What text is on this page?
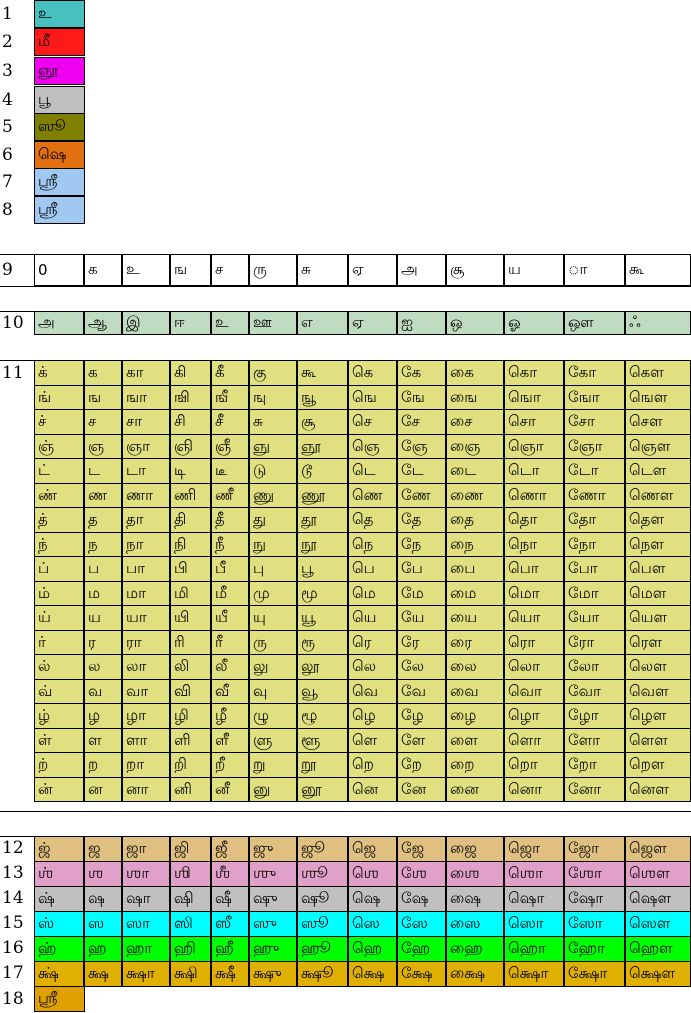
1	உ
2	மீ
3	ஞூ
4	பூ
5	ஸூ
6	ஷெ
7	ஶ்ரீ
8	ஸ்ரீ
9	0	க	உ	ங	ச	ரு	சு	ஏ	அ	சூ	ய	ா	கூ
10 அ	ஆ	இ	ஈ	உ	ஊ	எ	ஏ	ஐ	ஒ	ஓ	ஔ	ஃ
11 க்	க	கா	கி	கீ	கு	கூ	கெ	கே	கை	கொ	கோ	கௌ
ங்	ங	ஙா	ஙி	ஙீ	ஙு	ஙூ	ஙெ	ஙே	ஙை	ஙொ	ஙோ	ஙௌ
ச்	ச	சா	சி	சீ	சு	சூ	செ	சே	சை	சொ	சோ	சௌ
ஞ்	ஞ	ஞா	ஞி	ஞீ	ஞு	ஞூ	ஞெ	ஞே	ஞை	ஞொ	ஞோ	ஞௌ
ட்	ட	டா	டி	டீ	டு	டூ	டெ	டே	டை	டொ	டோ	டௌ
ண்	ண	ணா	ணி	ணீ	ணு	ணூ	ணெ	ணே	ணை	ணொ	ணோ	ணௌ
த்	த	தா	தி	தீ	து	தூ	தெ	தே	தை	தொ	தோ	தௌ
ந்	ந	நா	நி	நீ	நு	நூ	நெ	நே	நை	நொ	நோ	நௌ
ப்	ப	பா	பி	பீ	பு	பூ	பெ	பே	பை	பொ	போ	பௌ
ம்	ம	மா	மி	மீ	மு	மூ	மெ	மே	மை	மொ	மோ	மௌ
ய்	ய	யா	யி	யீ	யு	யூ	யெ	யே	யை	யொ	யோ	யௌ
ர்	ர	ரா	ரி	ரீ	ரு	ரூ	ரெ	ரே	ரை	ரொ	ரோ	ரௌ
ல்	ல	லா	லி	லீ	லு	லூ	லெ	லே	லை	லொ	லோ	லௌ
வ்	வ	வா	வி	வீ	வு	வூ	வெ	வே	வை	வொ	வோ	வௌ
ழ்	ழ	ழா	ழி	ழீ	ழு	ழூ	ழெ	ழே	ழை	ழொ	ழோ	ழௌ
ள்	ள	ளா	ளி	ளீ	ளு	ளூ	ளெ	ளே	ளை	ளொ	ளோ	ளௌ
ற்	ற	றா	றி	றீ	று	றூ	றெ	றே	றை	றொ	றோ	றௌ
ன்	ன	னா	னி	னீ	னு	னூ	னெ	னே	னை	னொ	னோ	னௌ
12 ஜ்	ஜ	ஜா	ஜி	ஜீ	ஜு	ஜூ	ஜெ	ஜே	ஜை	ஜொ	ஜோ	ஜௌ
13 ஶ்	ஶ	ஶா	ஶி	ஶீ	ஶு	ஶூ	ஶெ	ஶே	ஶை	ஶொ	ஶோ	ஶௌ
14 ஷ்	ஷ	ஷா	ஷி	ஷீ	ஷு	ஷூ	ஷெ	ஷே	ஷை	ஷொ	ஷோ	ஷௌ
15 ஸ்	ஸ	ஸா	ஸி	ஸீ	ஸு	ஸூ	ஸெ	ஸே	ஸை	ஸொ	ஸோ	ஸௌ
16 ஹ்	ஹ	ஹா	ஹி	ஹீ	ஹு	ஹூ	ஹெ	ஹே	ஹை	ஹொ	ஹோ	ஹௌ
17 க்ஷ்	க்ஷ	க்ஷா	க்ஷி	க்ஷீ	க்ஷு	க்ஷூ	க்ஷெ	க்ஷே	க்ஷை	க்ஷொ	க்ஷோ	க்ஷௌ
18 ஸ்ரீ
